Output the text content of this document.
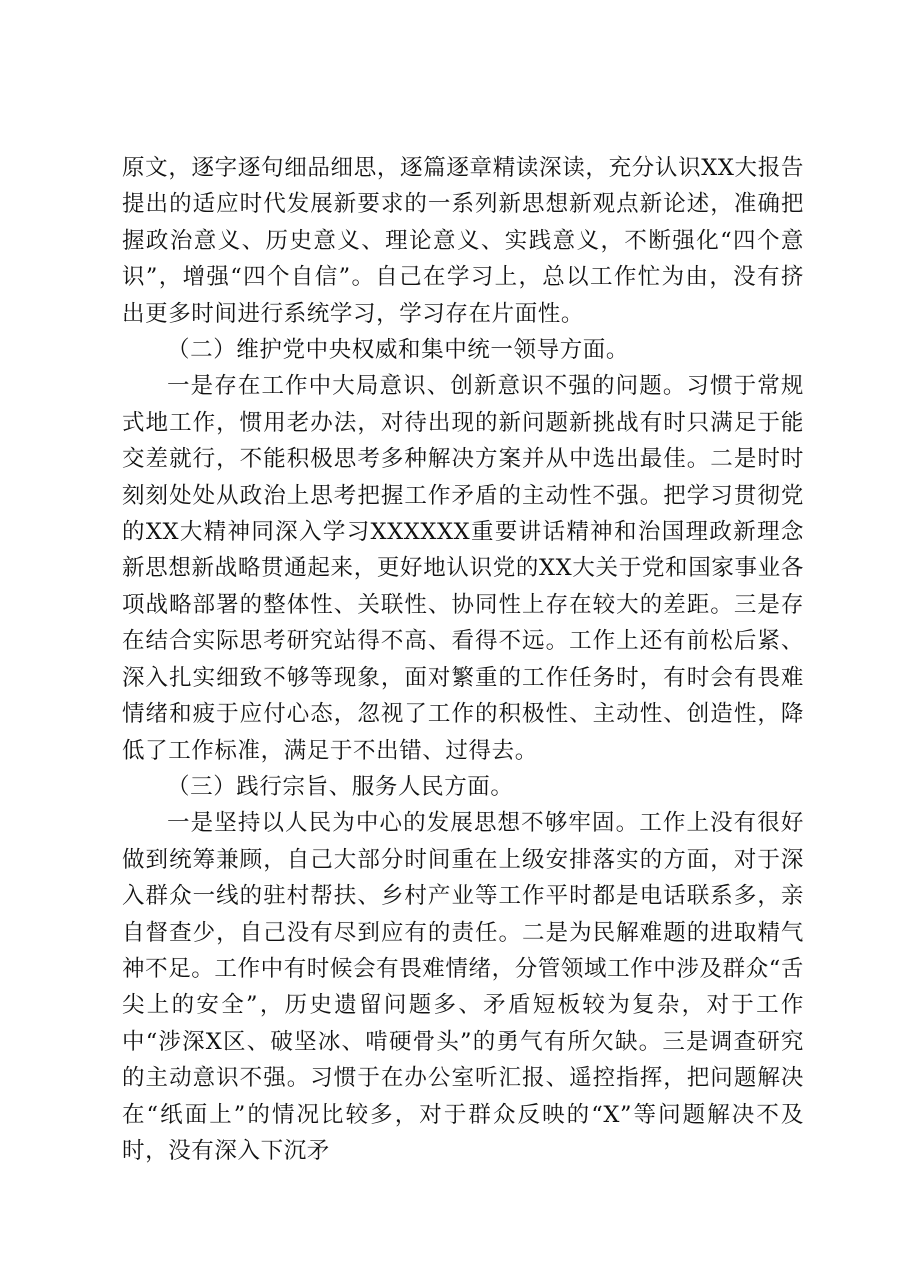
原文，逐字逐句细品细思，逐篇逐章精读深读，充分认识XX大报告提出的适应时代发展新要求的一系列新思想新观点新论述，准确把握政治意义、历史意义、理论意义、实践意义，不断强化“四个意识”，增强“四个自信”。自己在学习上，总以工作忙为由，没有挤出更多时间进行系统学习，学习存在片面性。

（二）维护党中央权威和集中统一领导方面。

一是存在工作中大局意识、创新意识不强的问题。习惯于常规式地工作，惯用老办法，对待出现的新问题新挑战有时只满足于能交差就行，不能积极思考多种解决方案并从中选出最佳。二是时时刻刻处处从政治上思考把握工作矛盾的主动性不强。把学习贯彻党的XX大精神同深入学习XXXXXX重要讲话精神和治国理政新理念新思想新战略贯通起来，更好地认识党的XX大关于党和国家事业各项战略部署的整体性、关联性、协同性上存在较大的差距。三是存在结合实际思考研究站得不高、看得不远。工作上还有前松后紧、深入扎实细致不够等现象，面对繁重的工作任务时，有时会有畏难情绪和疲于应付心态，忽视了工作的积极性、主动性、创造性，降低了工作标准，满足于不出错、过得去。

（三）践行宗旨、服务人民方面。

一是坚持以人民为中心的发展思想不够牢固。工作上没有很好做到统筹兼顾，自己大部分时间重在上级安排落实的方面，对于深入群众一线的驻村帮扶、乡村产业等工作平时都是电话联系多，亲自督查少，自己没有尽到应有的责任。二是为民解难题的进取精气神不足。工作中有时候会有畏难情绪，分管领域工作中涉及群众“舌尖上的安全”，历史遗留问题多、矛盾短板较为复杂，对于工作中“涉深X区、破坚冰、啃硬骨头”的勇气有所欠缺。三是调查研究的主动意识不强。习惯于在办公室听汇报、遥控指挥，把问题解决在“纸面上”的情况比较多，对于群众反映的“X”等问题解决不及时，没有深入下沉矛
